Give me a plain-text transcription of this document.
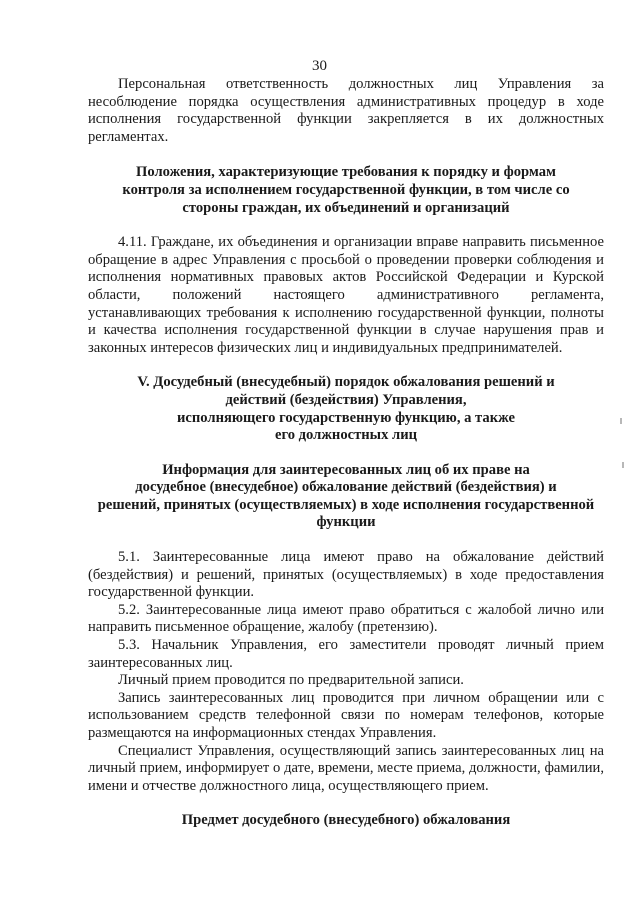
30

Персональная ответственность должностных лиц Управления за несоблюдение порядка осуществления административных процедур в ходе исполнения государственной функции закрепляется в их должностных регламентах.

Положения, характеризующие требования к порядку и формам
контроля за исполнением государственной функции, в том числе со
стороны граждан, их объединений и организаций

4.11. Граждане, их объединения и организации вправе направить письменное обращение в адрес Управления с просьбой о проведении проверки соблюдения и исполнения нормативных правовых актов Российской Федерации и Курской области, положений настоящего административного регламента, устанавливающих требования к исполнению государственной функции, полноты и качества исполнения государственной функции в случае нарушения прав и законных интересов физических лиц и индивидуальных предпринимателей.

V. Досудебный (внесудебный) порядок обжалования решений и
действий (бездействия) Управления,
исполняющего государственную функцию, а также
его должностных лиц
Информация для заинтересованных лиц об их праве на
досудебное (внесудебное) обжалование действий (бездействия) и
решений, принятых (осуществляемых) в ходе исполнения государственной
функции

5.1. Заинтересованные лица имеют право на обжалование действий (бездействия) и решений, принятых (осуществляемых) в ходе предоставления государственной функции.

5.2. Заинтересованные лица имеют право обратиться с жалобой лично или направить письменное обращение, жалобу (претензию).

5.3. Начальник Управления, его заместители проводят личный прием заинтересованных лиц.

Личный прием проводится по предварительной записи.

Запись заинтересованных лиц проводится при личном обращении или с использованием средств телефонной связи по номерам телефонов, которые размещаются на информационных стендах Управления.

Специалист Управления, осуществляющий запись заинтересованных лиц на личный прием, информирует о дате, времени, месте приема, должности, фамилии, имени и отчестве должностного лица, осуществляющего прием.

Предмет досудебного (внесудебного) обжалования
